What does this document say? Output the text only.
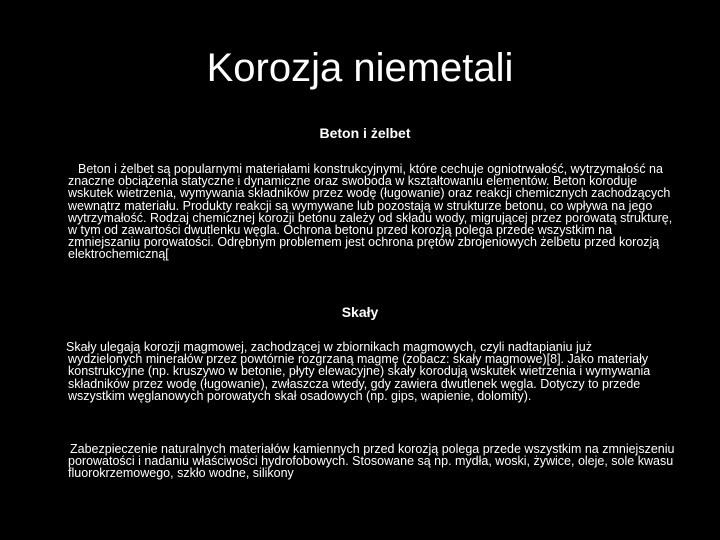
Korozja niemetali
Beton i żelbet

Beton i żelbet są popularnymi materiałami konstrukcyjnymi, które cechuje ogniotrwałość, wytrzymałość na znaczne obciążenia statyczne i dynamiczne oraz swoboda w kształtowaniu elementów. Beton koroduje wskutek wietrzenia, wymywania składników przez wodę (ługowanie) oraz reakcji chemicznych zachodzących wewnątrz materiału. Produkty reakcji są wymywane lub pozostają w strukturze betonu, co wpływa na jego wytrzymałość. Rodzaj chemicznej korozji betonu zależy od składu wody, migrującej przez porowatą strukturę, w tym od zawartości dwutlenku węgla. Ochrona betonu przed korozją polega przede wszystkim na zmniejszaniu porowatości. Odrębnym problemem jest ochrona prętów zbrojeniowych żelbetu przed korozją elektrochemiczną[

Skały

Skały ulegają korozji magmowej, zachodzącej w zbiornikach magmowych, czyli nadtapianiu już wydzielonych minerałów przez powtórnie rozgrzaną magmę (zobacz: skały magmowe)[8]. Jako materiały konstrukcyjne (np. kruszywo w betonie, płyty elewacyjne) skały korodują wskutek wietrzenia i wymywania składników przez wodę (ługowanie), zwłaszcza wtedy, gdy zawiera dwutlenek węgla. Dotyczy to przede wszystkim węglanowych porowatych skał osadowych (np. gips, wapienie, dolomity).

Zabezpieczenie naturalnych materiałów kamiennych przed korozją polega przede wszystkim na zmniejszeniu porowatości i nadaniu właściwości hydrofobowych. Stosowane są np. mydła, woski, żywice, oleje, sole kwasu fluorokrzemowego, szkło wodne, silikony
